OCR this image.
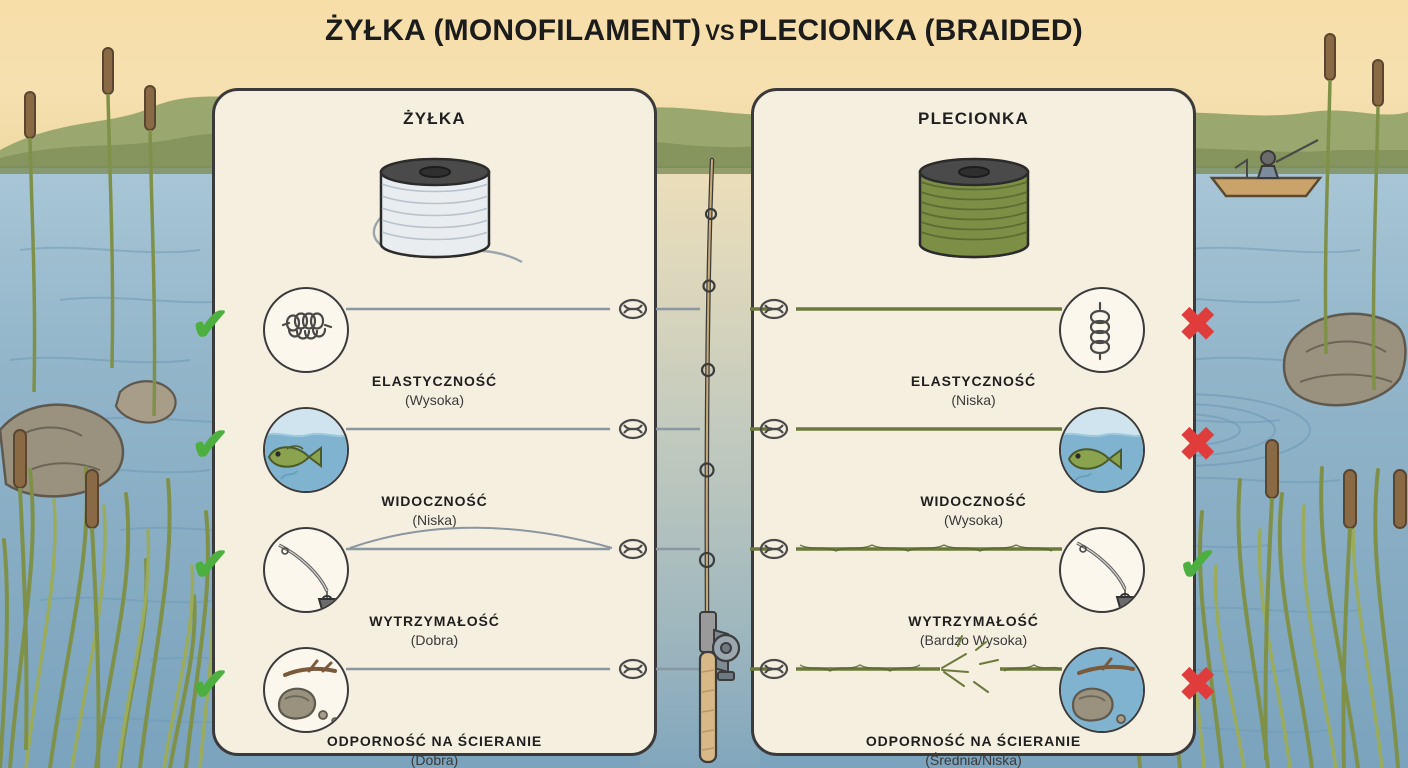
ŻYŁKA (MONOFILAMENT) VS PLECIONKA (BRAIDED)
ŻYŁKA
✔
ELASTYCZNOŚĆ
(Wysoka)
✔
WIDOCZNOŚĆ
(Niska)
✔
WYTRZYMAŁOŚĆ
(Dobra)
✔
ODPORNOŚĆ NA ŚCIERANIE
(Dobra)
PLECIONKA
✖
ELASTYCZNOŚĆ
(Niska)
✖
WIDOCZNOŚĆ
(Wysoka)
✔
WYTRZYMAŁOŚĆ
(Bardzo Wysoka)
✖
ODPORNOŚĆ NA ŚCIERANIE
(Średnia/Niska)
